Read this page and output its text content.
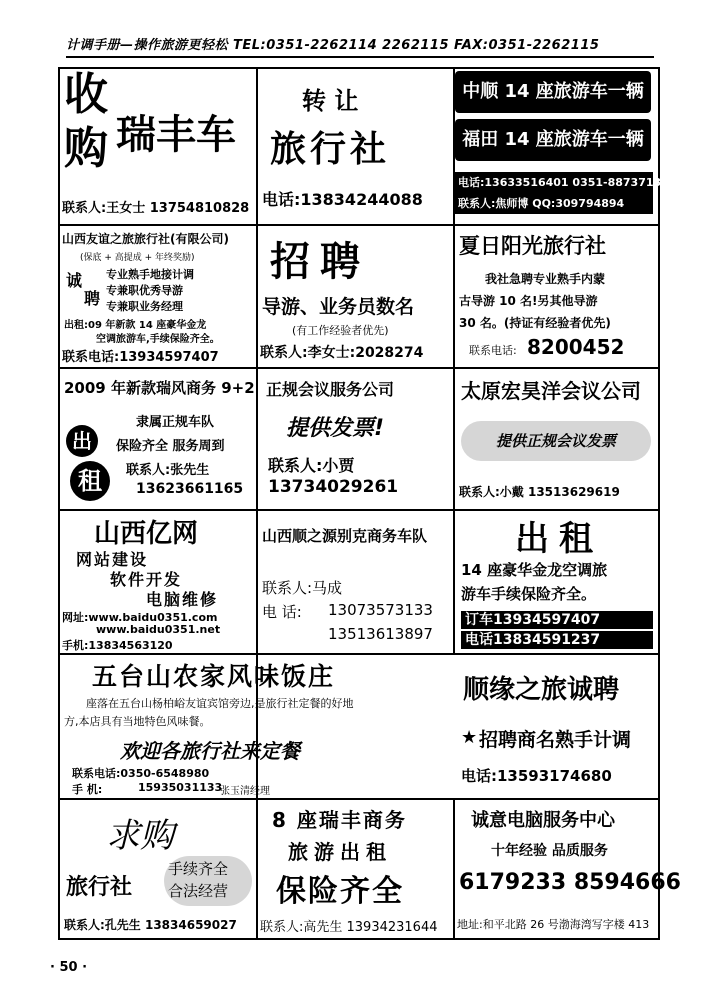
计调手册—操作旅游更轻松 TEL:0351-2262114 2262115 FAX:0351-2262115
收
购 瑞丰车
联系人:王女士 13754810828
转 让
旅行社
电话:13834244088
中顺 14 座旅游车一辆
福田 14 座旅游车一辆
电话:13633516401 0351-8873713
联系人:焦师博 QQ:309794894
山西友谊之旅旅行社(有限公司)
(保底 + 高提成 + 年终奖励)
诚
聘
专业熟手地接计调
专兼职优秀导游
专兼职业务经理
出租:09 年新款 14 座豪华金龙
空调旅游车,手续保险齐全。
联系电话:13934597407
招聘
导游、业务员数名
(有工作经验者优先)
联系人:李女士:2028274
夏日阳光旅行社
我社急聘专业熟手内蒙
古导游 10 名!另其他导游
30 名。(持证有经验者优先)
联系电话: 8200452
2009 年新款瑞风商务 9+2
出
租
隶属正规车队
保险齐全 服务周到
联系人:张先生
13623661165
正规会议服务公司
提供发票!
联系人:小贾
13734029261
太原宏昊洋会议公司
提供正规会议发票
联系人:小戴 13513629619
山西亿网
网站建设
软件开发
电脑维修
网址:www.baidu0351.com
www.baidu0351.net
手机:13834563120
山西顺之源别克商务车队
联系人:马成
电 话: 13073573133
13513613897
出租
14 座豪华金龙空调旅
游车手续保险齐全。
订车13934597407
电话13834591237
五台山农家风味饭庄
座落在五台山杨柏峪友谊宾馆旁边,是旅行社定餐的好地
方,本店具有当地特色风味餐。
欢迎各旅行社来定餐
联系电话:0350-6548980
手 机:	15935031133
张玉清经理
顺缘之旅诚聘
★ 招聘商名熟手计调
电话:13593174680
求购
旅行社
手续齐全
合法经营
联系人:孔先生 13834659027
8 座瑞丰商务
旅游出租
保险齐全
联系人:高先生 13934231644
诚意电脑服务中心
十年经验 品质服务
6179233 8594666
地址:和平北路 26 号渤海湾写字楼 413
· 50 ·
